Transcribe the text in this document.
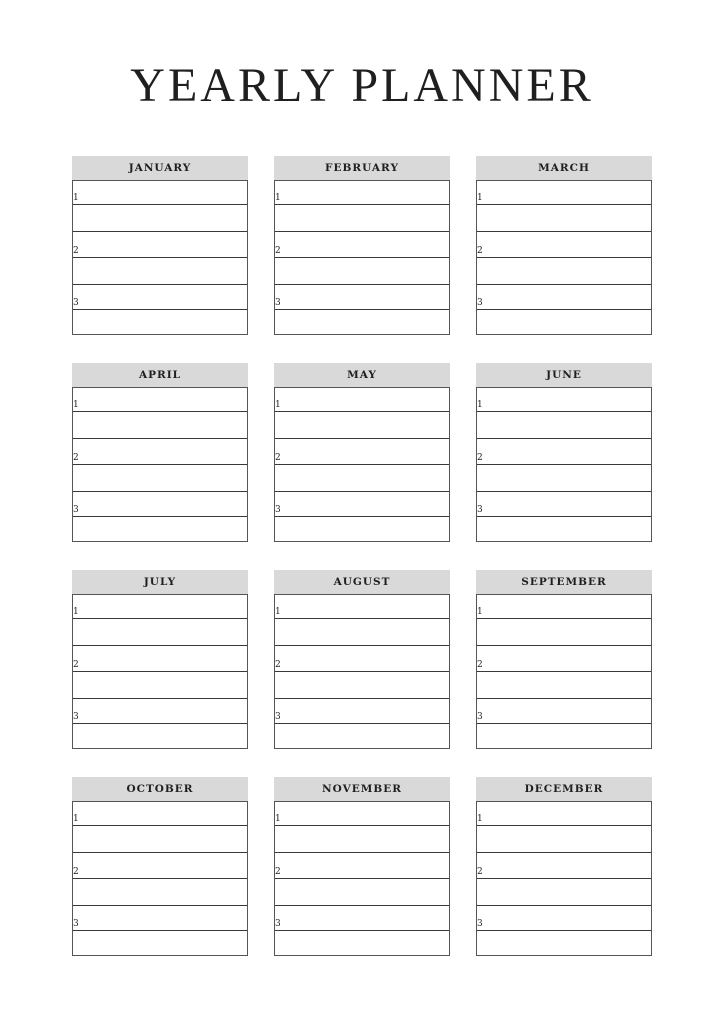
YEARLY PLANNER
JANUARY
1
2
3
FEBRUARY
1
2
3
MARCH
1
2
3
APRIL
1
2
3
MAY
1
2
3
JUNE
1
2
3
JULY
1
2
3
AUGUST
1
2
3
SEPTEMBER
1
2
3
OCTOBER
1
2
3
NOVEMBER
1
2
3
DECEMBER
1
2
3
